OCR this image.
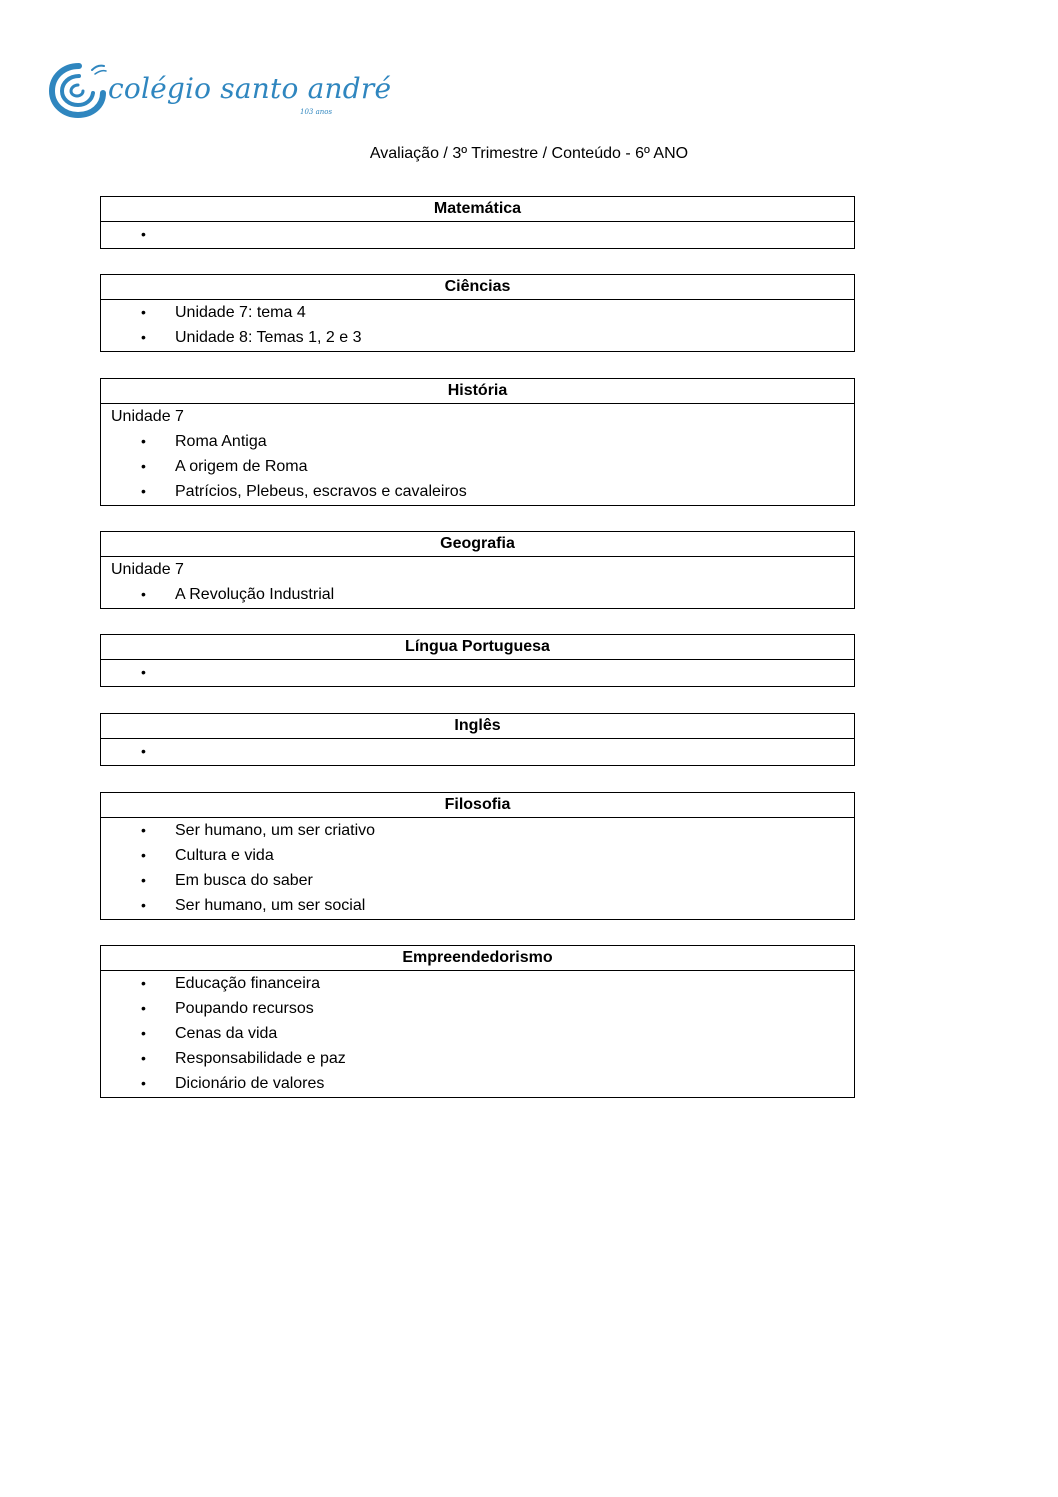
colégio santo andré
103 anos
Avaliação / 3º Trimestre / Conteúdo - 6º ANO
Matemática
•
Ciências
• Unidade 7: tema 4
• Unidade 8: Temas 1, 2 e 3
História
Unidade 7
• Roma Antiga
• A origem de Roma
• Patrícios, Plebeus, escravos e cavaleiros
Geografia
Unidade 7
• A Revolução Industrial
Língua Portuguesa
•
Inglês
•
Filosofia
• Ser humano, um ser criativo
• Cultura e vida
• Em busca do saber
• Ser humano, um ser social
Empreendedorismo
• Educação financeira
• Poupando recursos
• Cenas da vida
• Responsabilidade e paz
• Dicionário de valores
